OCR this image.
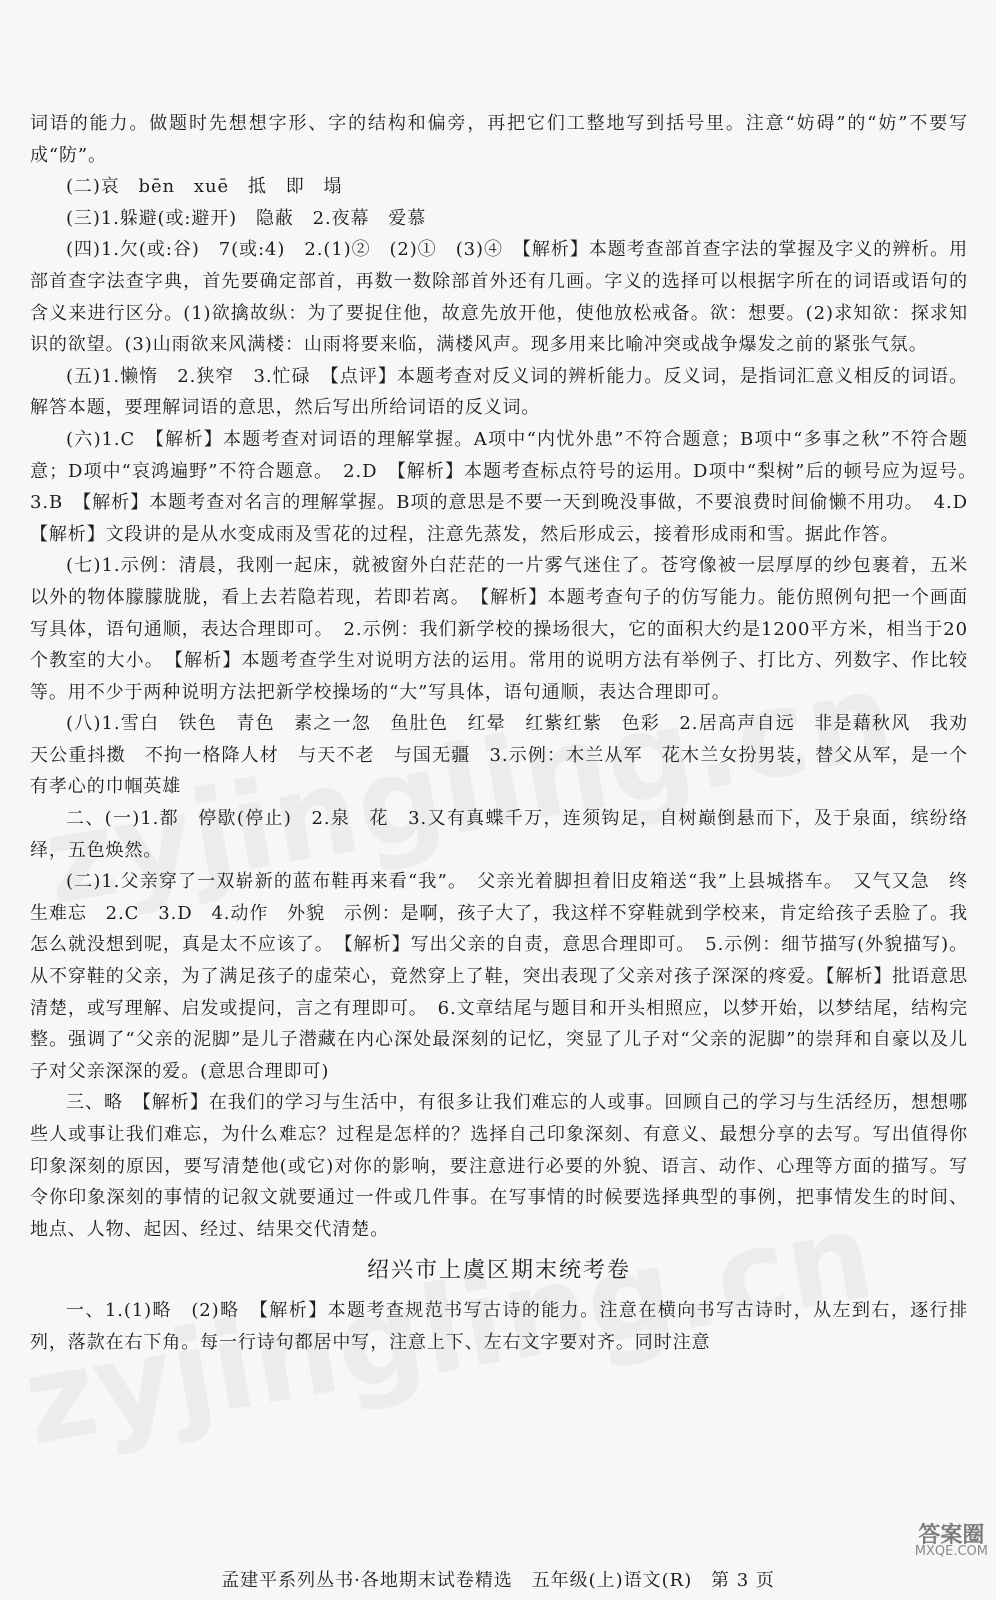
词语的能力。做题时先想想字形、字的结构和偏旁，再把它们工整地写到括号里。注意“妨碍”的“妨”不要写成“防”。

(二)哀　bēn　xuē　抵　即　塌

(三)1.躲避(或:避开)　隐蔽　2.夜幕　爱慕

(四)1.欠(或:谷)　7(或:4)　2.(1)②　(2)①　(3)④　【解析】本题考查部首查字法的掌握及字义的辨析。用部首查字法查字典，首先要确定部首，再数一数除部首外还有几画。字义的选择可以根据字所在的词语或语句的含义来进行区分。(1)欲擒故纵：为了要捉住他，故意先放开他，使他放松戒备。欲：想要。(2)求知欲：探求知识的欲望。(3)山雨欲来风满楼：山雨将要来临，满楼风声。现多用来比喻冲突或战争爆发之前的紧张气氛。

(五)1.懒惰　2.狭窄　3.忙碌　【点评】本题考查对反义词的辨析能力。反义词，是指词汇意义相反的词语。解答本题，要理解词语的意思，然后写出所给词语的反义词。

(六)1.C　【解析】本题考查对词语的理解掌握。A项中“内忧外患”不符合题意；B项中“多事之秋”不符合题意；D项中“哀鸿遍野”不符合题意。　2.D　【解析】本题考查标点符号的运用。D项中“梨树”后的顿号应为逗号。　3.B　【解析】本题考查对名言的理解掌握。B项的意思是不要一天到晚没事做，不要浪费时间偷懒不用功。　4.D　【解析】文段讲的是从水变成雨及雪花的过程，注意先蒸发，然后形成云，接着形成雨和雪。据此作答。

(七)1.示例：清晨，我刚一起床，就被窗外白茫茫的一片雾气迷住了。苍穹像被一层厚厚的纱包裹着，五米以外的物体朦朦胧胧，看上去若隐若现，若即若离。　【解析】本题考查句子的仿写能力。能仿照例句把一个画面写具体，语句通顺，表达合理即可。　2.示例：我们新学校的操场很大，它的面积大约是1200平方米，相当于20个教室的大小。　【解析】本题考查学生对说明方法的运用。常用的说明方法有举例子、打比方、列数字、作比较等。用不少于两种说明方法把新学校操场的“大”写具体，语句通顺，表达合理即可。

(八)1.雪白　铁色　青色　素之一忽　鱼肚色　红晕　红紫红紫　色彩　2.居高声自远　非是藉秋风　我劝天公重抖擞　不拘一格降人材　与天不老　与国无疆　3.示例：木兰从军　花木兰女扮男装，替父从军，是一个有孝心的巾帼英雄

二、(一)1.都　停歇(停止)　2.泉　花　3.又有真蝶千万，连须钩足，自树巅倒悬而下，及于泉面，缤纷络绎，五色焕然。

(二)1.父亲穿了一双崭新的蓝布鞋再来看“我”。　父亲光着脚担着旧皮箱送“我”上县城搭车。　又气又急　终生难忘　2.C　3.D　4.动作　外貌　示例：是啊，孩子大了，我这样不穿鞋就到学校来，肯定给孩子丢脸了。我怎么就没想到呢，真是太不应该了。　【解析】写出父亲的自责，意思合理即可。　5.示例：细节描写(外貌描写)。从不穿鞋的父亲，为了满足孩子的虚荣心，竟然穿上了鞋，突出表现了父亲对孩子深深的疼爱。【解析】批语意思清楚，或写理解、启发或提问，言之有理即可。　6.文章结尾与题目和开头相照应，以梦开始，以梦结尾，结构完整。强调了“父亲的泥脚”是儿子潜藏在内心深处最深刻的记忆，突显了儿子对“父亲的泥脚”的崇拜和自豪以及儿子对父亲深深的爱。(意思合理即可)

三、略　【解析】在我们的学习与生活中，有很多让我们难忘的人或事。回顾自己的学习与生活经历，想想哪些人或事让我们难忘，为什么难忘？过程是怎样的？选择自己印象深刻、有意义、最想分享的去写。写出值得你印象深刻的原因，要写清楚他(或它)对你的影响，要注意进行必要的外貌、语言、动作、心理等方面的描写。写令你印象深刻的事情的记叙文就要通过一件或几件事。在写事情的时候要选择典型的事例，把事情发生的时间、地点、人物、起因、经过、结果交代清楚。

绍兴市上虞区期末统考卷

一、1.(1)略　(2)略　【解析】本题考查规范书写古诗的能力。注意在横向书写古诗时，从左到右，逐行排列，落款在右下角。每一行诗句都居中写，注意上下、左右文字要对齐。同时注意

孟建平系列丛书·各地期末试卷精选 五年级(上)语文(R) 第 3 页
答案圈
MXQE.COM
